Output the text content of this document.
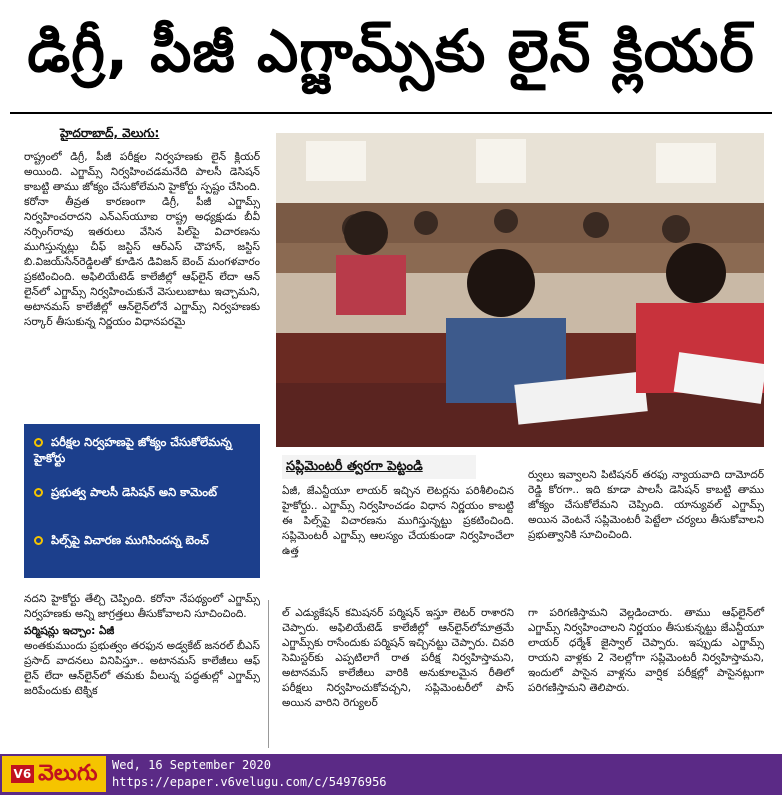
డిగ్రీ, పీజీ ఎగ్జామ్స్‌కు లైన్ క్లియర్
హైదరాబాద్, వెలుగు:

రాష్ట్రంలో డిగ్రీ, పీజీ పరీక్షల నిర్వహణకు లైన్ క్లియర్ అయింది. ఎగ్జామ్స్ నిర్వహించడమనేది పాలసీ డెసిషన్ కాబట్టి తాము జోక్యం చేసుకోలేమని హైకోర్టు స్పష్టం చేసింది. కరోనా తీవ్రత కారణంగా డిగ్రీ, పీజీ ఎగ్జామ్స్ నిర్వహించరాదని ఎన్ఎస్​యూఐ రాష్ట్ర అధ్యక్షుడు బీవీ నర్సింగ్​రావు ఇతరులు వేసిన పిల్​పై విచారణను ముగిస్తున్నట్లు చీఫ్ జస్టిస్ ఆర్ఎస్ చౌహాన్, జస్టిస్ బి.విజయ్​సేన్​రెడ్డిలతో కూడిన డివిజన్ బెంచ్ మంగళవారం ప్రకటించింది. అఫిలియేటెడ్ కాలేజీల్లో ఆఫ్​లైన్ లేదా ఆన్​లైన్​లో ఎగ్జామ్స్ నిర్వహించుకునే వెసులుబాటు ఇచ్చామని, అటానమస్ కాలేజీల్లో ఆన్​లైన్​లోనే ఎగ్జామ్స్ నిర్వహణకు సర్కార్ తీసుకున్న నిర్ణయం విధానపరమై

సప్లిమెంటరీ త్వరగా పెట్టండి
పరీక్షల నిర్వహణపై జోక్యం చేసుకోలేమన్న హైకోర్టు
ప్రభుత్వ పాలసీ డెసిషన్ అని కామెంట్
పిల్స్​పై విచారణ ముగిసిందన్న బెంచ్

నదని హైకోర్టు తేల్చి చెప్పింది. కరోనా నేపథ్యంలో ఎగ్జామ్స్ నిర్వహణకు అన్ని జాగ్రత్తలు తీసుకోవాలని సూచించింది.

పర్మిషన్లు ఇచ్చాం: ఏజీ

అంతకుముందు ప్రభుత్వం తరఫున అడ్వకేట్ జనరల్ బీఎస్ ప్రసాద్ వాదనలు వినిపిస్తూ.. అటానమస్ కాలేజీలు ఆఫ్​లైన్ లేదా ఆన్​లైన్​లో తమకు వీలున్న పద్ధతుల్లో ఎగ్జామ్స్ జరిపేందుకు టెక్నిక

ఏజీ, జేఎన్టీయూ లాయర్ ఇచ్చిన లెటర్లను పరిశీలించిన హైకోర్టు.. ఎగ్జామ్స్ నిర్వహించడం విధాన నిర్ణయం కాబట్టి ఈ పిల్స్​పై విచారణను ముగిస్తున్నట్టు ప్రకటించింది. సప్లిమెంటరీ ఎగ్జామ్స్ ఆలస్యం చేయకుండా నిర్వహించేలా ఉత్త

ర్వులు ఇవ్వాలని పిటిషనర్ తరఫు న్యాయవాది దామోదర్​రెడ్డి కోరగా.. ఇది కూడా పాలసీ డెసిషన్ కాబట్టి తాము జోక్యం చేసుకోలేమని చెప్పింది. యాన్యువల్ ఎగ్జామ్స్ అయిన వెంటనే సప్లిమెంటరీ పెట్టేలా చర్యలు తీసుకోవాలని ప్రభుత్వానికి సూచించింది.

ల్ ఎడ్యుకేషన్ కమిషనర్ పర్మిషన్ ఇస్తూ లెటర్ రాశారని చెప్పారు. అఫిలియేటెడ్ కాలేజీల్లో ఆన్​లైన్​లోమాత్రమే ఎగ్జామ్స్​కు రాసేందుకు పర్మిషన్ ఇచ్చినట్టు చెప్పారు. చివరి సెమిస్టర్​కు ఎప్పటిలాగే రాత పరీక్ష నిర్వహిస్తామని, అటానమస్ కాలేజీలు వారికి అనుకూలమైన రీతిలో పరీక్షలు నిర్వహించుకోవచ్చని, సప్లిమెంటరీలో పాస్ అయిన వారిని రెగ్యులర్

గా పరిగణిస్తామని వెల్లడించారు. తాము ఆఫ్​లైన్​లో ఎగ్జామ్స్ నిర్వహించాలని నిర్ణయం తీసుకున్నట్టు జేఎన్టీయూ లాయర్ ధర్మేశ్ జైస్వాల్ చెప్పారు. ఇప్పుడు ఎగ్జామ్స్ రాయని వాళ్లకు 2 నెలల్లోగా సప్లిమెంటరీ నిర్వహిస్తామని, ఇందులో పాసైన వాళ్లను వార్షిక పరీక్షల్లో పాసైనట్లుగా పరిగణిస్తామని తెలిపారు.

V6 వెలుగు	Wed, 16 September 2020
https://epaper.v6velugu.com/c/54976956
